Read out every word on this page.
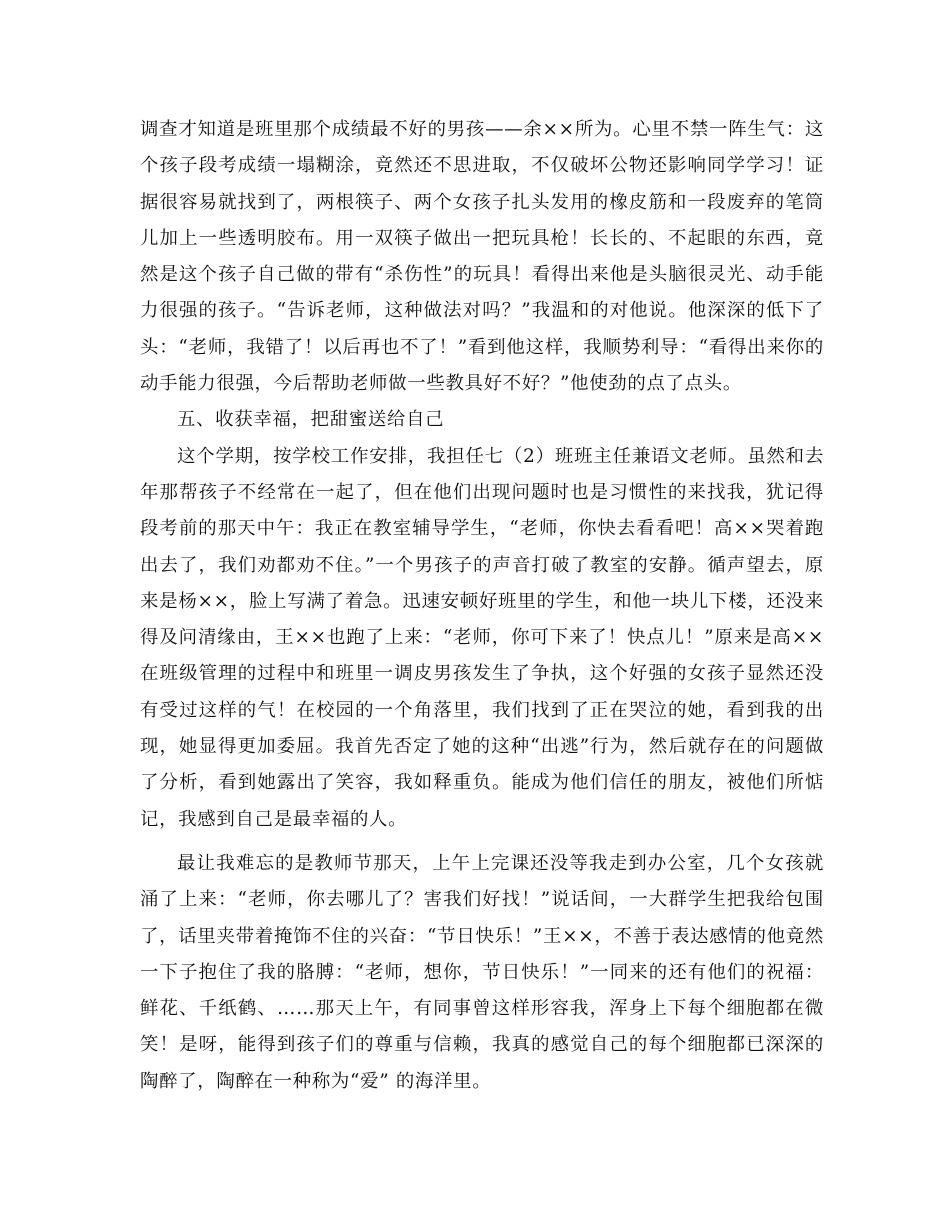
调查才知道是班里那个成绩最不好的男孩——余××所为。心里不禁一阵生气：这个孩子段考成绩一塌糊涂，竟然还不思进取，不仅破坏公物还影响同学学习！证据很容易就找到了，两根筷子、两个女孩子扎头发用的橡皮筋和一段废弃的笔筒儿加上一些透明胶布。用一双筷子做出一把玩具枪！长长的、不起眼的东西，竟然是这个孩子自己做的带有“杀伤性”的玩具！看得出来他是头脑很灵光、动手能力很强的孩子。“告诉老师，这种做法对吗？”我温和的对他说。他深深的低下了头：“老师，我错了！以后再也不了！”看到他这样，我顺势利导：“看得出来你的动手能力很强，今后帮助老师做一些教具好不好？”他使劲的点了点头。

五、收获幸福，把甜蜜送给自己

这个学期，按学校工作安排，我担任七（2）班班主任兼语文老师。虽然和去年那帮孩子不经常在一起了，但在他们出现问题时也是习惯性的来找我，犹记得段考前的那天中午：我正在教室辅导学生，“老师，你快去看看吧！高××哭着跑出去了，我们劝都劝不住。”一个男孩子的声音打破了教室的安静。循声望去，原来是杨××，脸上写满了着急。迅速安顿好班里的学生，和他一块儿下楼，还没来得及问清缘由，王××也跑了上来：“老师，你可下来了！快点儿！”原来是高××在班级管理的过程中和班里一调皮男孩发生了争执，这个好强的女孩子显然还没有受过这样的气！在校园的一个角落里，我们找到了正在哭泣的她，看到我的出现，她显得更加委屈。我首先否定了她的这种“出逃”行为，然后就存在的问题做了分析，看到她露出了笑容，我如释重负。能成为他们信任的朋友，被他们所惦记，我感到自己是最幸福的人。

最让我难忘的是教师节那天，上午上完课还没等我走到办公室，几个女孩就涌了上来：“老师，你去哪儿了？害我们好找！”说话间，一大群学生把我给包围了，话里夹带着掩饰不住的兴奋：“节日快乐！”王××，不善于表达感情的他竟然一下子抱住了我的胳膊：“老师，想你，节日快乐！”一同来的还有他们的祝福：鲜花、千纸鹤、……那天上午，有同事曾这样形容我，浑身上下每个细胞都在微笑！是呀，能得到孩子们的尊重与信赖，我真的感觉自己的每个细胞都已深深的陶醉了，陶醉在一种称为“爱” 的海洋里。
